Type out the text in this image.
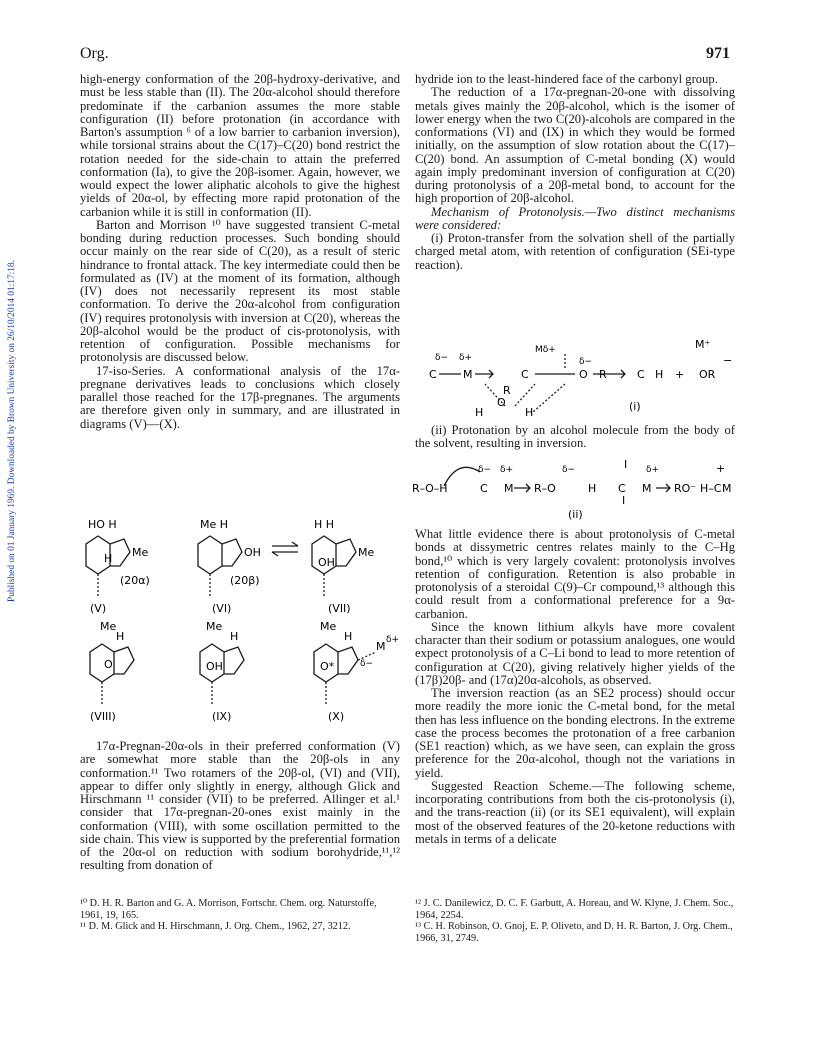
Org.	971
Published on 01 January 1969. Downloaded by Brown University on 26/10/2014 01:17:18.

high-energy conformation of the 20β-hydroxy-derivative, and must be less stable than (II). The 20α-alcohol should therefore predominate if the carbanion assumes the more stable configuration (II) before protonation (in accordance with Barton's assumption ⁶ of a low barrier to carbanion inversion), while torsional strains about the C(17)–C(20) bond restrict the rotation needed for the side-chain to attain the preferred conformation (Ia), to give the 20β-isomer. Again, however, we would expect the lower aliphatic alcohols to give the highest yields of 20α-ol, by effecting more rapid protonation of the carbanion while it is still in conformation (II).

Barton and Morrison ¹⁰ have suggested transient C-metal bonding during reduction processes. Such bonding should occur mainly on the rear side of C(20), as a result of steric hindrance to frontal attack. The key intermediate could then be formulated as (IV) at the moment of its formation, although (IV) does not necessarily represent its most stable conformation. To derive the 20α-alcohol from configuration (IV) requires protonolysis with inversion at C(20), whereas the 20β-alcohol would be the product of cis-protonolysis, with retention of configuration. Possible mechanisms for protonolysis are discussed below.

17-iso-Series. A conformational analysis of the 17α-pregnane derivatives leads to conclusions which closely parallel those reached for the 17β-pregnanes. The arguments are therefore given only in summary, and are illustrated in diagrams (V)—(X).

HO H
Me
H
(20α)
(V)
Me H
OH
(20β)
(VI)
H H
Me
OH
(VII)
Me
H
O
(VIII)
Me
H
OH
(IX)
Me
H
M δ+
δ−
O*
(X)

17α-Pregnan-20α-ols in their preferred conformation (V) are somewhat more stable than the 20β-ols in any conformation.¹¹ Two rotamers of the 20β-ol, (VI) and (VII), appear to differ only slightly in energy, although Glick and Hirschmann ¹¹ consider (VII) to be preferred. Allinger et al.¹ consider that 17α-pregnan-20-ones exist mainly in the conformation (VIII), with some oscillation permitted to the side chain. This view is supported by the preferential formation of the 20α-ol on reduction with sodium borohydride,¹¹,¹² resulting from donation of

hydride ion to the least-hindered face of the carbonyl group.

The reduction of a 17α-pregnan-20-one with dissolving metals gives mainly the 20β-alcohol, which is the isomer of lower energy when the two C(20)-alcohols are compared in the conformations (VI) and (IX) in which they would be formed initially, on the assumption of slow rotation about the C(17)–C(20) bond. An assumption of C-metal bonding (X) would again imply predominant inversion of configuration at C(20) during protonolysis of a 20β-metal bond, to account for the high proportion of 20β-alcohol.

Mechanism of Protonolysis.—Two distinct mechanisms were considered:

(i) Proton-transfer from the solvation shell of the partially charged metal atom, with retention of configuration (SEi-type reaction).

M⁺
δ− δ+
Mδ+
δ−
C M	C	O R	C H + OR
−
R
O
H	H	(i)

(ii) Protonation by an alcohol molecule from the body of the solvent, resulting in inversion.

δ− δ+	δ−	I δ+	+
R–O–H	C M R–O	H C M RO⁻ H–C M
I
(ii)

What little evidence there is about protonolysis of C-metal bonds at dissymetric centres relates mainly to the C–Hg bond,¹⁰ which is very largely covalent: protonolysis involves retention of configuration. Retention is also probable in protonolysis of a steroidal C(9)–Cr compound,¹³ although this could result from a conformational preference for a 9α-carbanion.

Since the known lithium alkyls have more covalent character than their sodium or potassium analogues, one would expect protonolysis of a C–Li bond to lead to more retention of configuration at C(20), giving relatively higher yields of the (17β)20β- and (17α)20α-alcohols, as observed.

The inversion reaction (as an SE2 process) should occur more readily the more ionic the C-metal bond, for the metal then has less influence on the bonding electrons. In the extreme case the process becomes the protonation of a free carbanion (SE1 reaction) which, as we have seen, can explain the gross preference for the 20α-alcohol, though not the variations in yield.

Suggested Reaction Scheme.—The following scheme, incorporating contributions from both the cis-protonolysis (i), and the trans-reaction (ii) (or its SE1 equivalent), will explain most of the observed features of the 20-ketone reductions with metals in terms of a delicate

¹⁰ D. H. R. Barton and G. A. Morrison, Fortschr. Chem. org. Naturstoffe, 1961, 19, 165.

¹¹ D. M. Glick and H. Hirschmann, J. Org. Chem., 1962, 27, 3212.

¹² J. C. Danilewicz, D. C. F. Garbutt, A. Horeau, and W. Klyne, J. Chem. Soc., 1964, 2254.

¹³ C. H. Robinson, O. Gnoj, E. P. Oliveto, and D. H. R. Barton, J. Org. Chem., 1966, 31, 2749.
